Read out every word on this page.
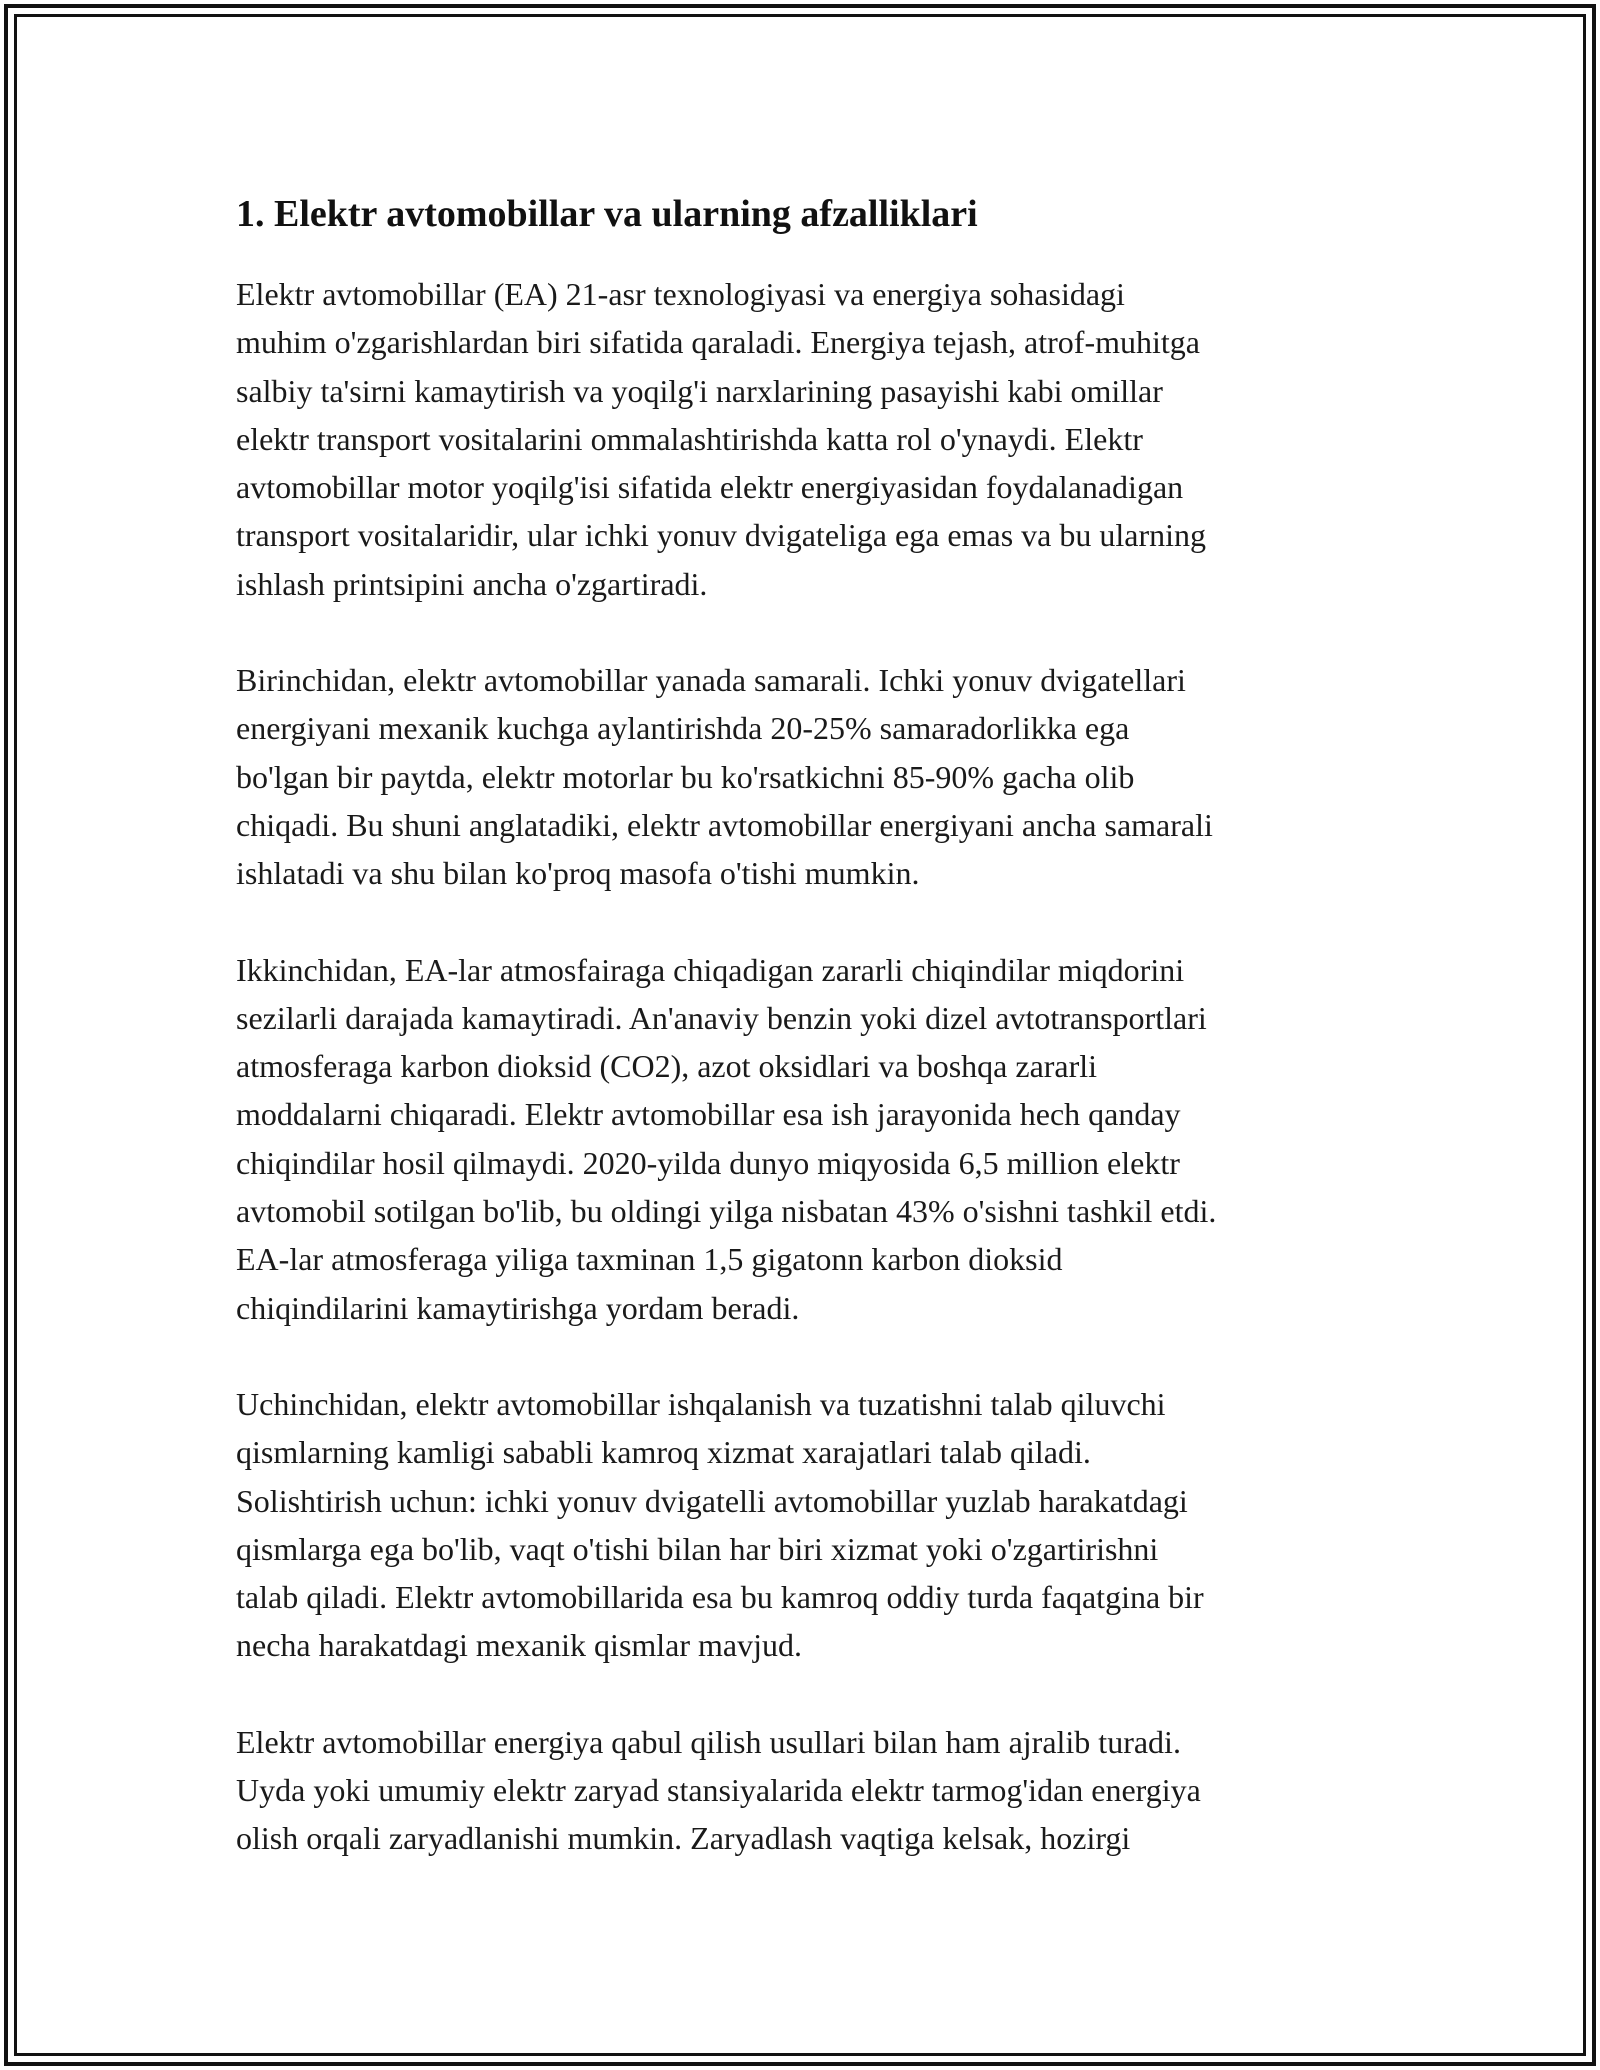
1. Elektr avtomobillar va ularning afzalliklari

Elektr avtomobillar (EA) 21-asr texnologiyasi va energiya sohasidagi
muhim o'zgarishlardan biri sifatida qaraladi. Energiya tejash, atrof-muhitga
salbiy ta'sirni kamaytirish va yoqilg'i narxlarining pasayishi kabi omillar
elektr transport vositalarini ommalashtirishda katta rol o'ynaydi. Elektr
avtomobillar motor yoqilg'isi sifatida elektr energiyasidan foydalanadigan
transport vositalaridir, ular ichki yonuv dvigateliga ega emas va bu ularning
ishlash printsipini ancha o'zgartiradi.

Birinchidan, elektr avtomobillar yanada samarali. Ichki yonuv dvigatellari
energiyani mexanik kuchga aylantirishda 20-25% samaradorlikka ega
bo'lgan bir paytda, elektr motorlar bu ko'rsatkichni 85-90% gacha olib
chiqadi. Bu shuni anglatadiki, elektr avtomobillar energiyani ancha samarali
ishlatadi va shu bilan ko'proq masofa o'tishi mumkin.

Ikkinchidan, EA-lar atmosfairaga chiqadigan zararli chiqindilar miqdorini
sezilarli darajada kamaytiradi. An'anaviy benzin yoki dizel avtotransportlari
atmosferaga karbon dioksid (CO2), azot oksidlari va boshqa zararli
moddalarni chiqaradi. Elektr avtomobillar esa ish jarayonida hech qanday
chiqindilar hosil qilmaydi. 2020-yilda dunyo miqyosida 6,5 million elektr
avtomobil sotilgan bo'lib, bu oldingi yilga nisbatan 43% o'sishni tashkil etdi.
EA-lar atmosferaga yiliga taxminan 1,5 gigatonn karbon dioksid
chiqindilarini kamaytirishga yordam beradi.

Uchinchidan, elektr avtomobillar ishqalanish va tuzatishni talab qiluvchi
qismlarning kamligi sababli kamroq xizmat xarajatlari talab qiladi.
Solishtirish uchun: ichki yonuv dvigatelli avtomobillar yuzlab harakatdagi
qismlarga ega bo'lib, vaqt o'tishi bilan har biri xizmat yoki o'zgartirishni
talab qiladi. Elektr avtomobillarida esa bu kamroq oddiy turda faqatgina bir
necha harakatdagi mexanik qismlar mavjud.

Elektr avtomobillar energiya qabul qilish usullari bilan ham ajralib turadi.
Uyda yoki umumiy elektr zaryad stansiyalarida elektr tarmog'idan energiya
olish orqali zaryadlanishi mumkin. Zaryadlash vaqtiga kelsak, hozirgi
